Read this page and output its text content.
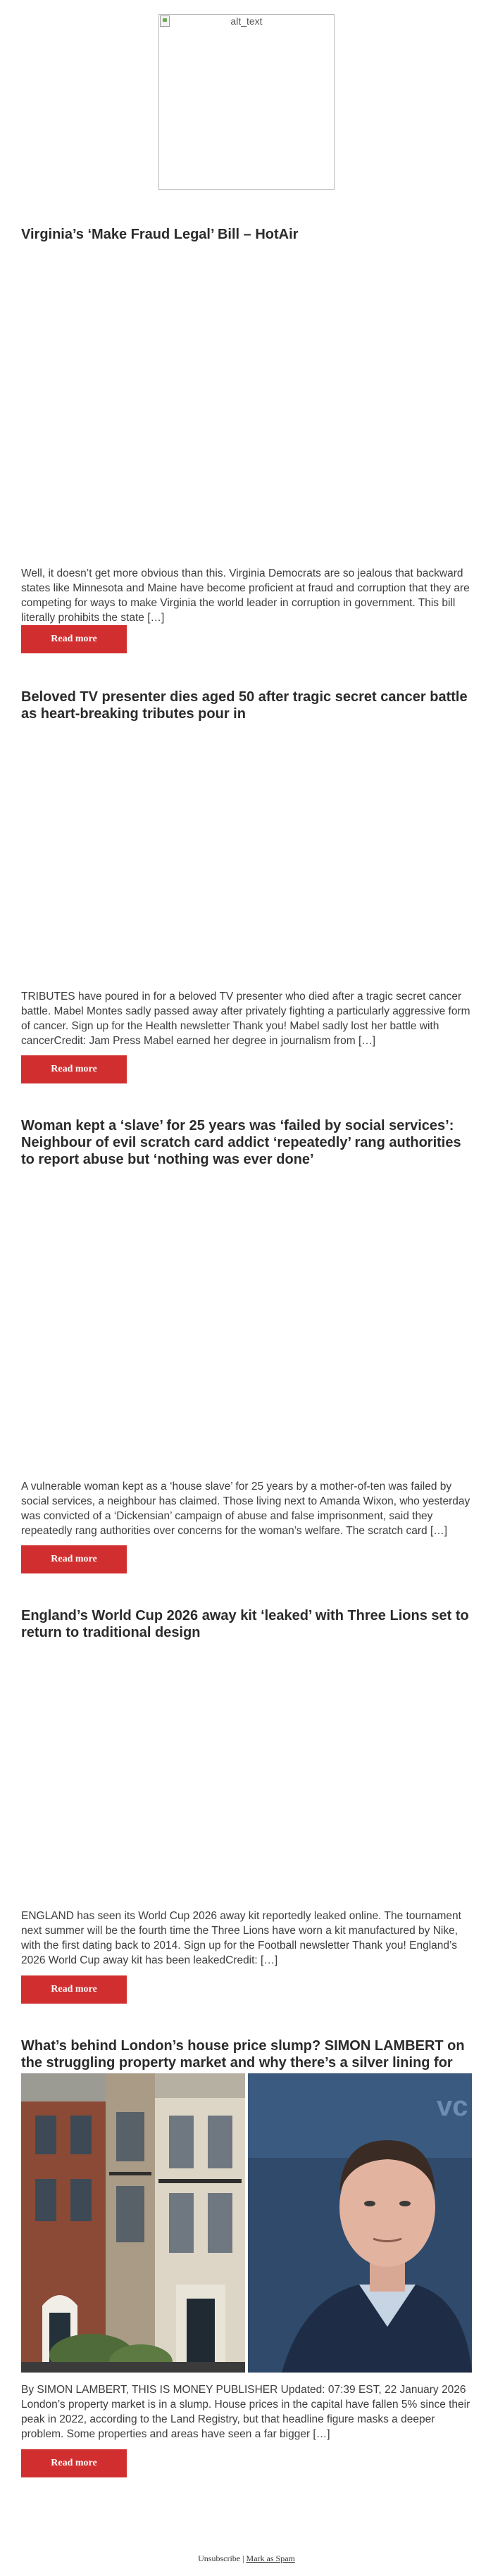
alt_text
Virginia’s ‘Make Fraud Legal’ Bill – HotAir

Well, it doesn’t get more obvious than this. Virginia Democrats are so jealous that backward states like Minnesota and Maine have become proficient at fraud and corruption that they are competing for ways to make Virginia the world leader in corruption in government. This bill literally prohibits the state […]

Read more
Beloved TV presenter dies aged 50 after tragic secret cancer battle as heart-breaking tributes pour in

TRIBUTES have poured in for a beloved TV presenter who died after a tragic secret cancer battle. Mabel Montes sadly passed away after privately fighting a particularly aggressive form of cancer. Sign up for the Health newsletter Thank you! Mabel sadly lost her battle with cancerCredit: Jam Press Mabel earned her degree in journalism from […]

Read more
Woman kept a ‘slave’ for 25 years was ‘failed by social services’: Neighbour of evil scratch card addict ‘repeatedly’ rang authorities to report abuse but ‘nothing was ever done’

A vulnerable woman kept as a ‘house slave’ for 25 years by a mother-of-ten was failed by social services, a neighbour has claimed. Those living next to Amanda Wixon, who yesterday was convicted of a ‘Dickensian’ campaign of abuse and false imprisonment, said they repeatedly rang authorities over concerns for the woman’s welfare. The scratch card […]

Read more
England’s World Cup 2026 away kit ‘leaked’ with Three Lions set to return to traditional design

ENGLAND has seen its World Cup 2026 away kit reportedly leaked online. The tournament next summer will be the fourth time the Three Lions have worn a kit manufactured by Nike, with the first dating back to 2014. Sign up for the Football newsletter Thank you! England’s 2026 World Cup away kit has been leakedCredit: […]

Read more
What’s behind London’s house price slump? SIMON LAMBERT on the struggling property market and why there’s a silver lining for
vc

By SIMON LAMBERT, THIS IS MONEY PUBLISHER Updated: 07:39 EST, 22 January 2026 London’s property market is in a slump. House prices in the capital have fallen 5% since their peak in 2022, according to the Land Registry, but that headline figure masks a deeper problem. Some properties and areas have seen a far bigger […]

Read more
Unsubscribe | Mark as Spam
